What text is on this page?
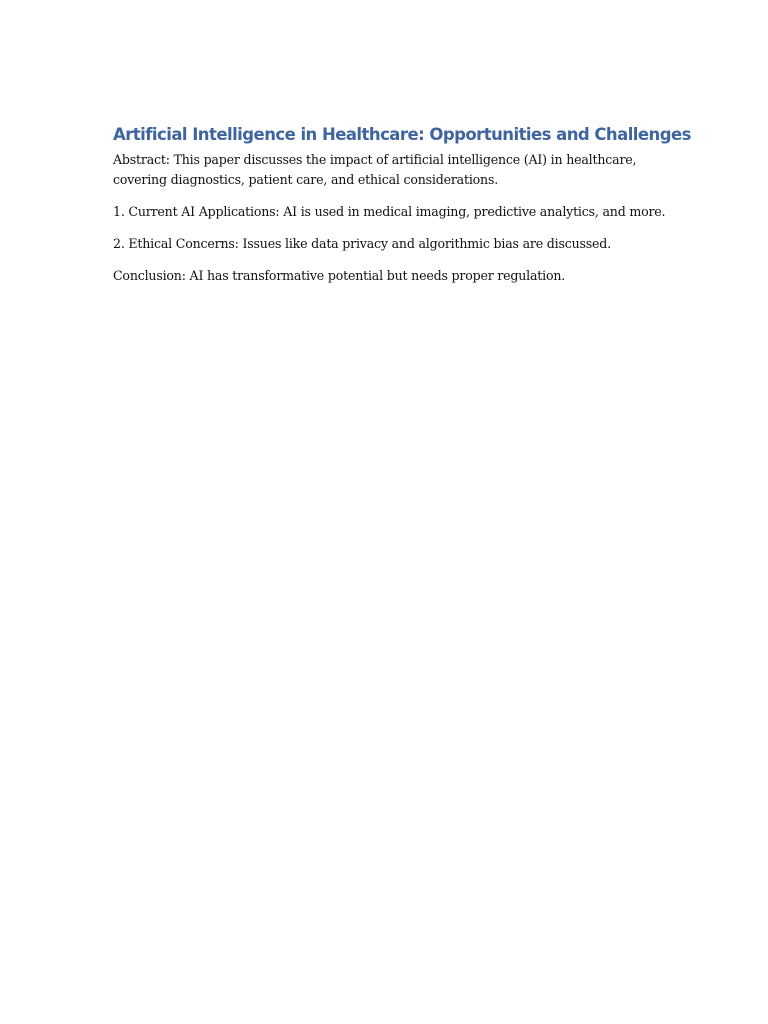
Artificial Intelligence in Healthcare: Opportunities and Challenges

Abstract: This paper discusses the impact of artificial intelligence (AI) in healthcare, covering diagnostics, patient care, and ethical considerations.

1. Current AI Applications: AI is used in medical imaging, predictive analytics, and more.

2. Ethical Concerns: Issues like data privacy and algorithmic bias are discussed.

Conclusion: AI has transformative potential but needs proper regulation.
